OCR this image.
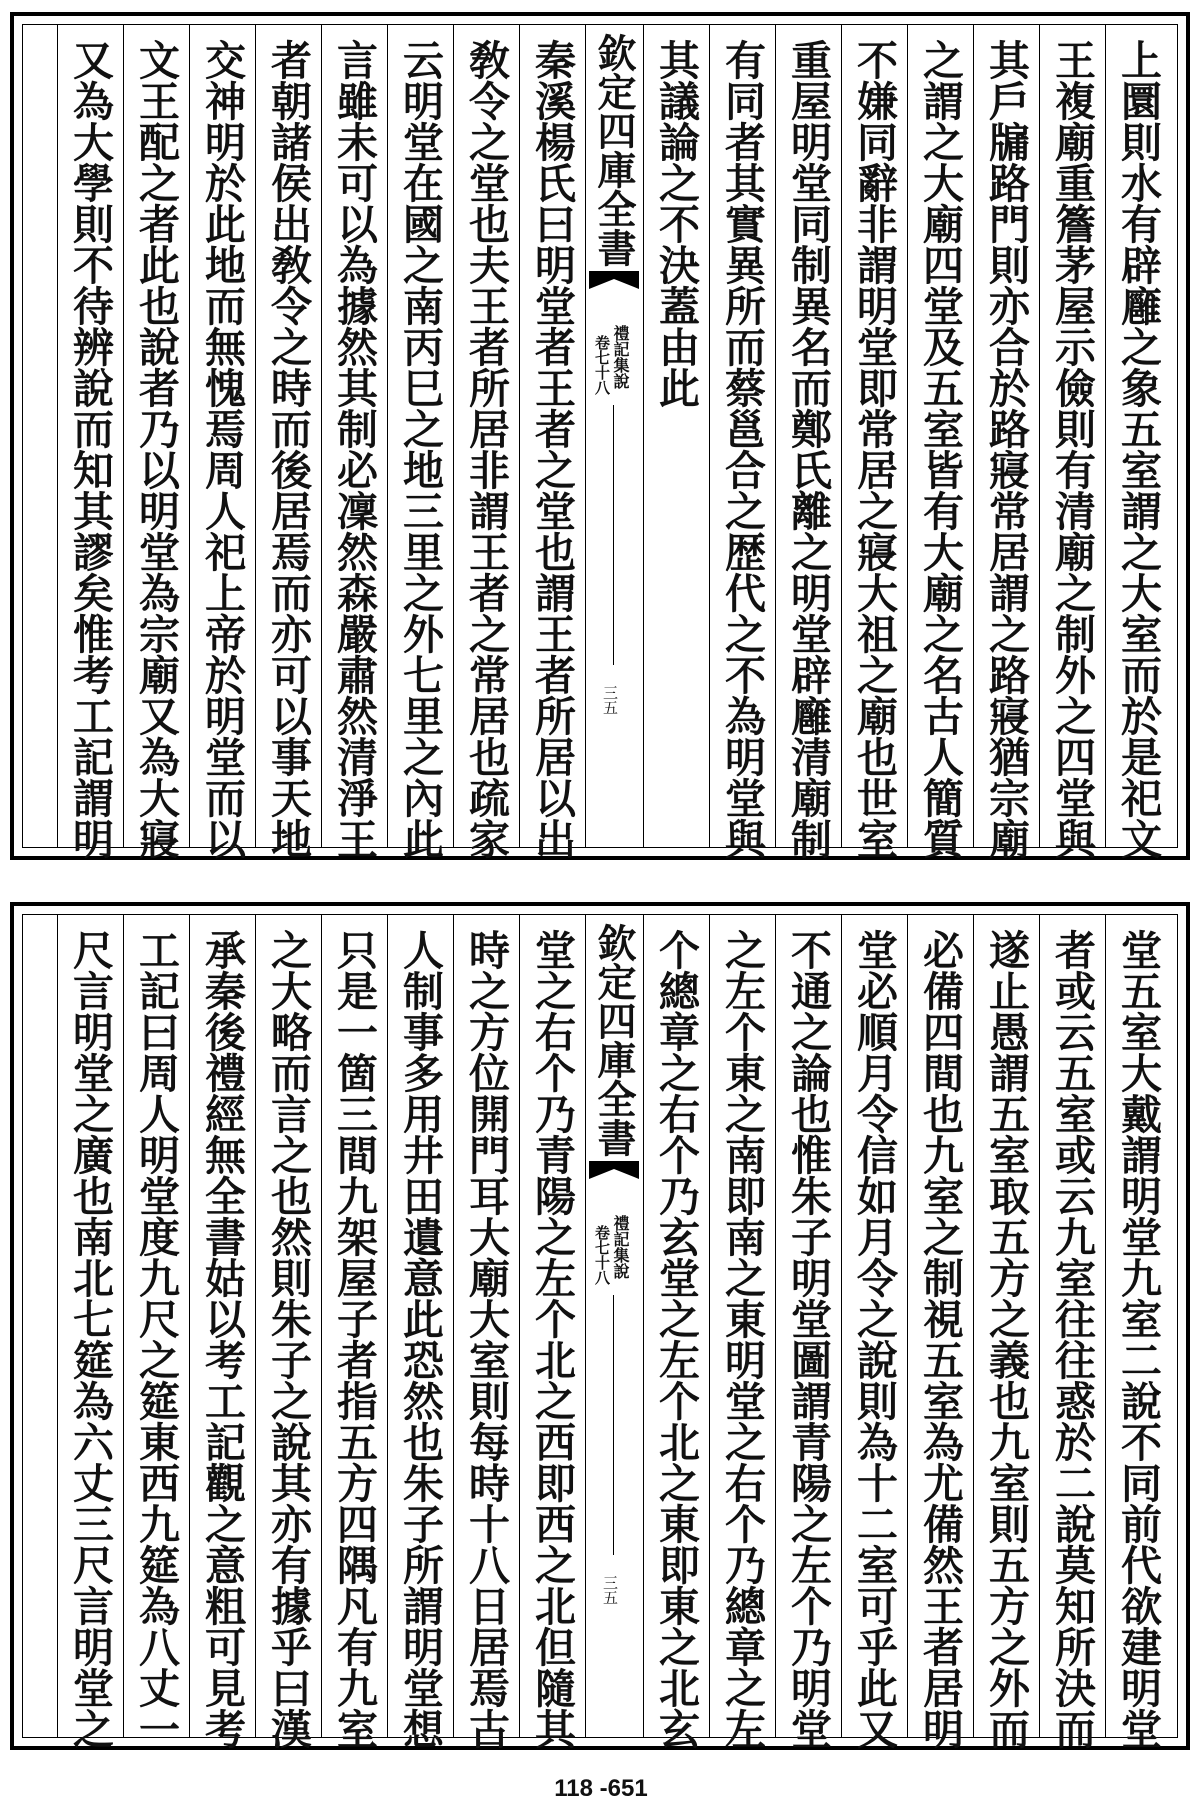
上圜則水有辟廱之象五室謂之大室而於是祀文
王複廟重簷茅屋示儉則有清廟之制外之四堂與
其戶牖路門則亦合於路寢常居謂之路寢猶宗廟
之謂之大廟四堂及五室皆有大廟之名古人簡質
不嫌同辭非謂明堂即常居之寢大祖之廟也世室
重屋明堂同制異名而鄭氏離之明堂辟廱清廟制
有同者其實異所而蔡邕合之歴代之不為明堂與
其議論之不決蓋由此
欽定四庫全書
禮記集說
卷七十八
三五
秦溪楊氏曰明堂者王者之堂也謂王者所居以出
敎令之堂也夫王者所居非謂王者之常居也疏家
云明堂在國之南丙巳之地三里之外七里之內此
言雖未可以為據然其制必凜然森嚴肅然清淨王
者朝諸侯出敎令之時而後居焉而亦可以事天地
交神明於此地而無愧焉周人祀上帝於明堂而以
文王配之者此也說者乃以明堂為宗廟又為大寢
又為大學則不待辨說而知其謬矣惟考工記謂明
堂五室大戴謂明堂九室二說不同前代欲建明堂
者或云五室或云九室往往惑於二說莫知所決而
遂止愚謂五室取五方之義也九室則五方之外而
必備四間也九室之制視五室為尤備然王者居明
堂必順月令信如月令之說則為十二室可乎此又
不通之論也惟朱子明堂圖謂青陽之左个乃明堂
之左个東之南即南之東明堂之右个乃總章之左
个總章之右个乃玄堂之左个北之東即東之北玄
欽定四庫全書
禮記集說
卷七十八
三五
堂之右个乃青陽之左个北之西即西之北但隨其
時之方位開門耳大廟大室則每時十八日居焉古
人制事多用井田遺意此恐然也朱子所謂明堂想
只是一箇三間九架屋子者指五方四隅凡有九室
之大略而言之也然則朱子之說其亦有據乎曰漢
承秦後禮經無全書姑以考工記觀之意粗可見考
工記曰周人明堂度九尺之筵東西九筵為八丈一
尺言明堂之廣也南北七筵為六丈三尺言明堂之
118 -651
